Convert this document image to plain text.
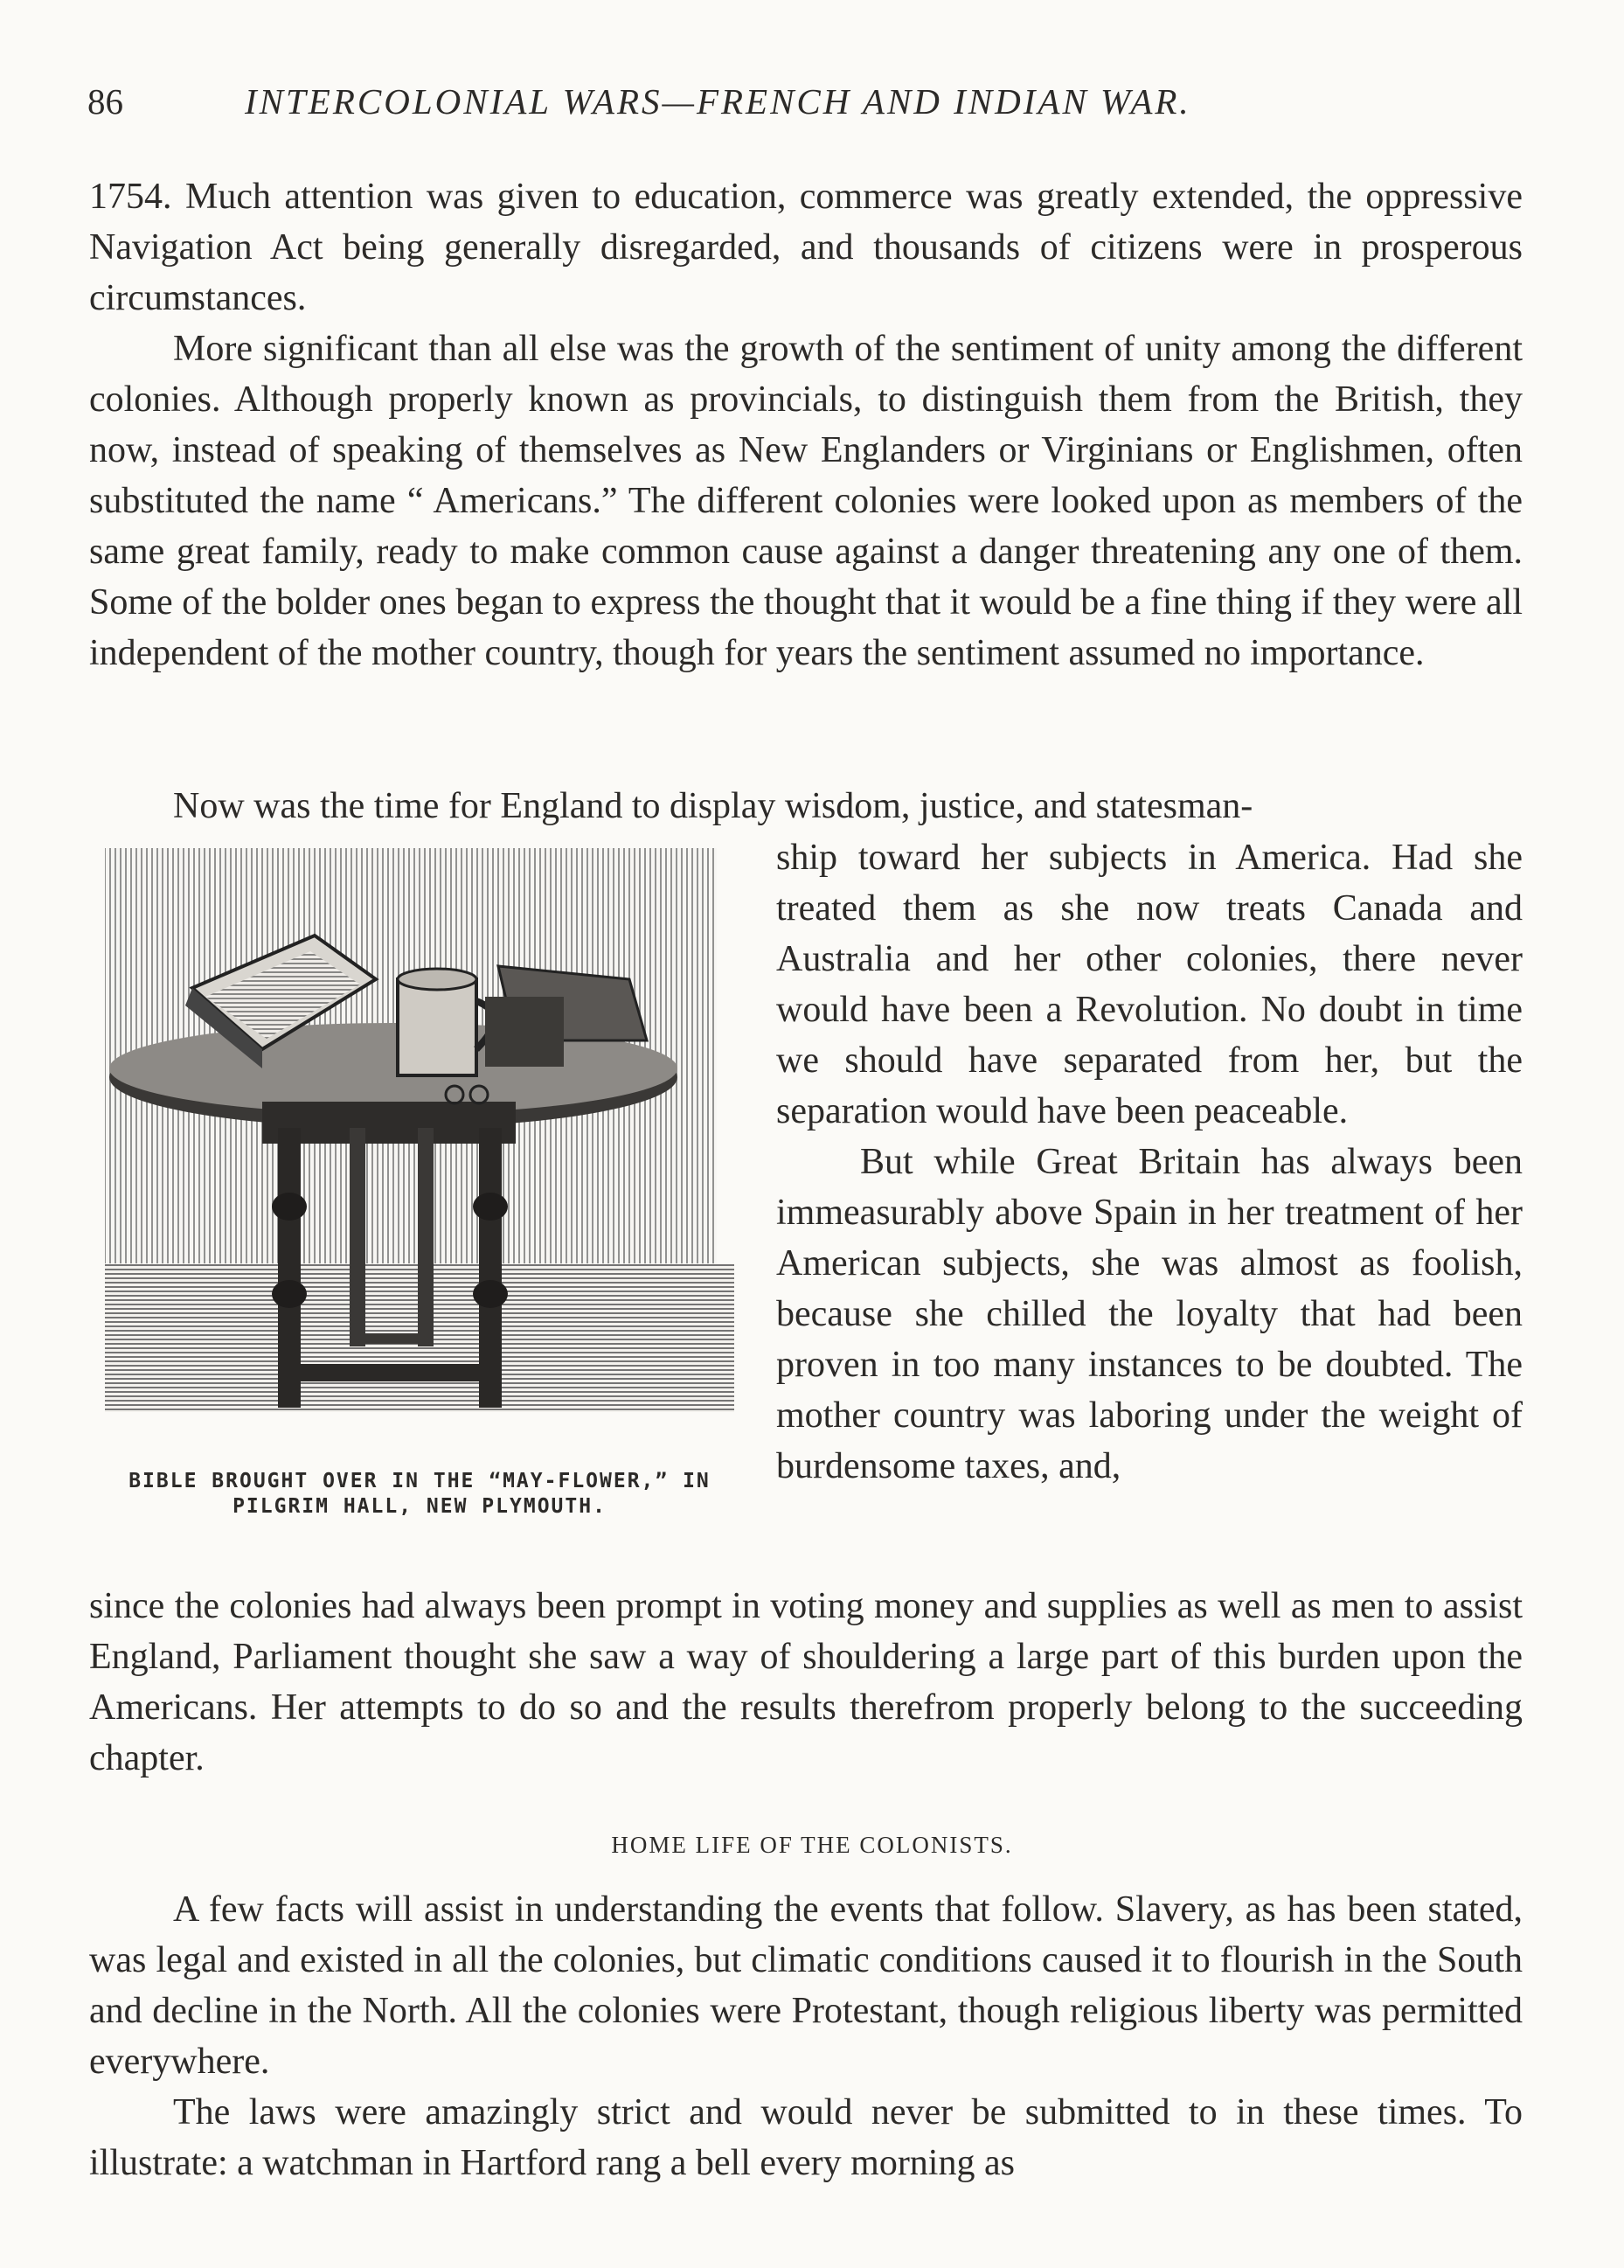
86	INTERCOLONIAL WARS—FRENCH AND INDIAN WAR.

1754. Much attention was given to education, commerce was greatly extended, the oppressive Navigation Act being generally disregarded, and thousands of citizens were in prosperous circumstances.

More significant than all else was the growth of the sentiment of unity among the different colonies. Although properly known as provincials, to distinguish them from the British, they now, instead of speaking of themselves as New Englanders or Virginians or Englishmen, often substituted the name “ Americans.” The different colonies were looked upon as members of the same great family, ready to make common cause against a danger threatening any one of them. Some of the bolder ones began to express the thought that it would be a fine thing if they were all independent of the mother country, though for years the sentiment assumed no importance.

Now was the time for England to display wisdom, justice, and statesman-

BIBLE BROUGHT OVER IN THE “MAY-FLOWER,” IN PILGRIM HALL, NEW PLYMOUTH.

ship toward her subjects in America. Had she treated them as she now treats Canada and Australia and her other colonies, there never would have been a Revolution. No doubt in time we should have separated from her, but the separation would have been peaceable.

But while Great Britain has always been immeasurably above Spain in her treatment of her American subjects, she was almost as foolish, because she chilled the loyalty that had been proven in too many instances to be doubted. The mother country was laboring under the weight of burdensome taxes, and,

since the colonies had always been prompt in voting money and supplies as well as men to assist England, Parliament thought she saw a way of shouldering a large part of this burden upon the Americans. Her attempts to do so and the results therefrom properly belong to the succeeding chapter.

HOME LIFE OF THE COLONISTS.

A few facts will assist in understanding the events that follow. Slavery, as has been stated, was legal and existed in all the colonies, but climatic conditions caused it to flourish in the South and decline in the North. All the colonies were Protestant, though religious liberty was permitted everywhere.

The laws were amazingly strict and would never be submitted to in these times. To illustrate: a watchman in Hartford rang a bell every morning as
